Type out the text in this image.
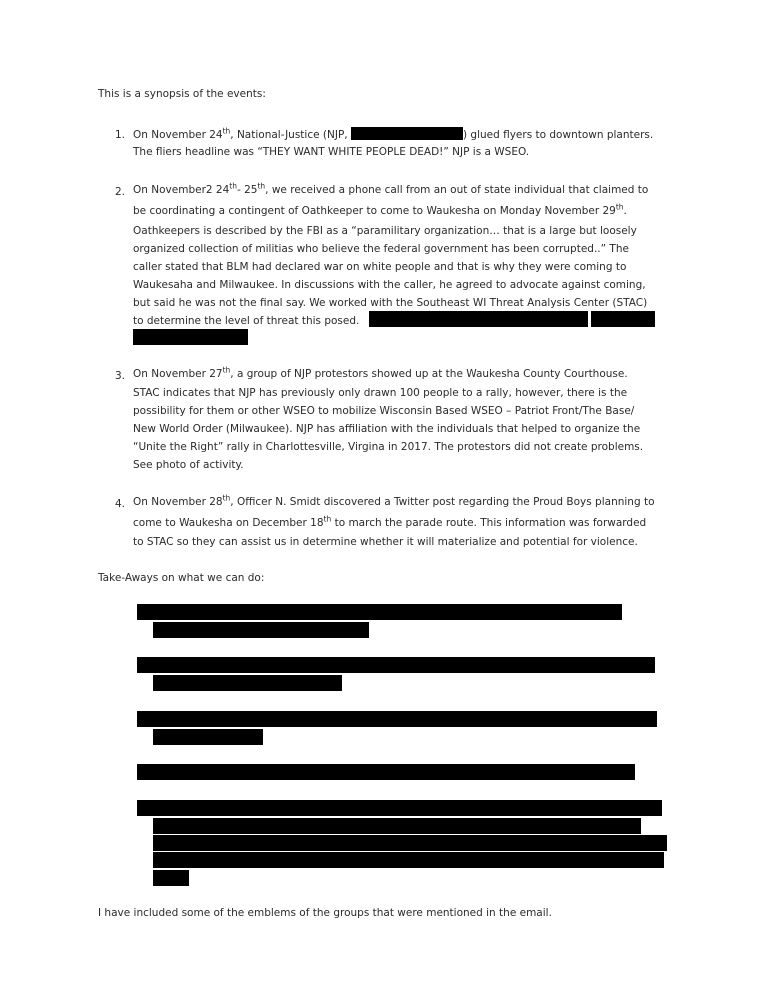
This is a synopsis of the events:
1. On November 24th, National-Justice (NJP,	) glued flyers to downtown planters.
The fliers headline was “THEY WANT WHITE PEOPLE DEAD!” NJP is a WSEO.
2. On November2 24th- 25th, we received a phone call from an out of state individual that claimed to
be coordinating a contingent of Oathkeeper to come to Waukesha on Monday November 29th.
Oathkeepers is described by the FBI as a “paramilitary organization… that is a large but loosely
organized collection of militias who believe the federal government has been corrupted..” The
caller stated that BLM had declared war on white people and that is why they were coming to
Waukesaha and Milwaukee. In discussions with the caller, he agreed to advocate against coming,
but said he was not the final say. We worked with the Southeast WI Threat Analysis Center (STAC)
to determine the level of threat this posed.
3. On November 27th, a group of NJP protestors showed up at the Waukesha County Courthouse.
STAC indicates that NJP has previously only drawn 100 people to a rally, however, there is the
possibility for them or other WSEO to mobilize Wisconsin Based WSEO – Patriot Front/The Base/
New World Order (Milwaukee). NJP has affiliation with the individuals that helped to organize the
“Unite the Right” rally in Charlottesville, Virgina in 2017. The protestors did not create problems.
See photo of activity.
4. On November 28th, Officer N. Smidt discovered a Twitter post regarding the Proud Boys planning to
come to Waukesha on December 18th to march the parade route. This information was forwarded
to STAC so they can assist us in determine whether it will materialize and potential for violence.
Take-Aways on what we can do:
I have included some of the emblems of the groups that were mentioned in the email.
